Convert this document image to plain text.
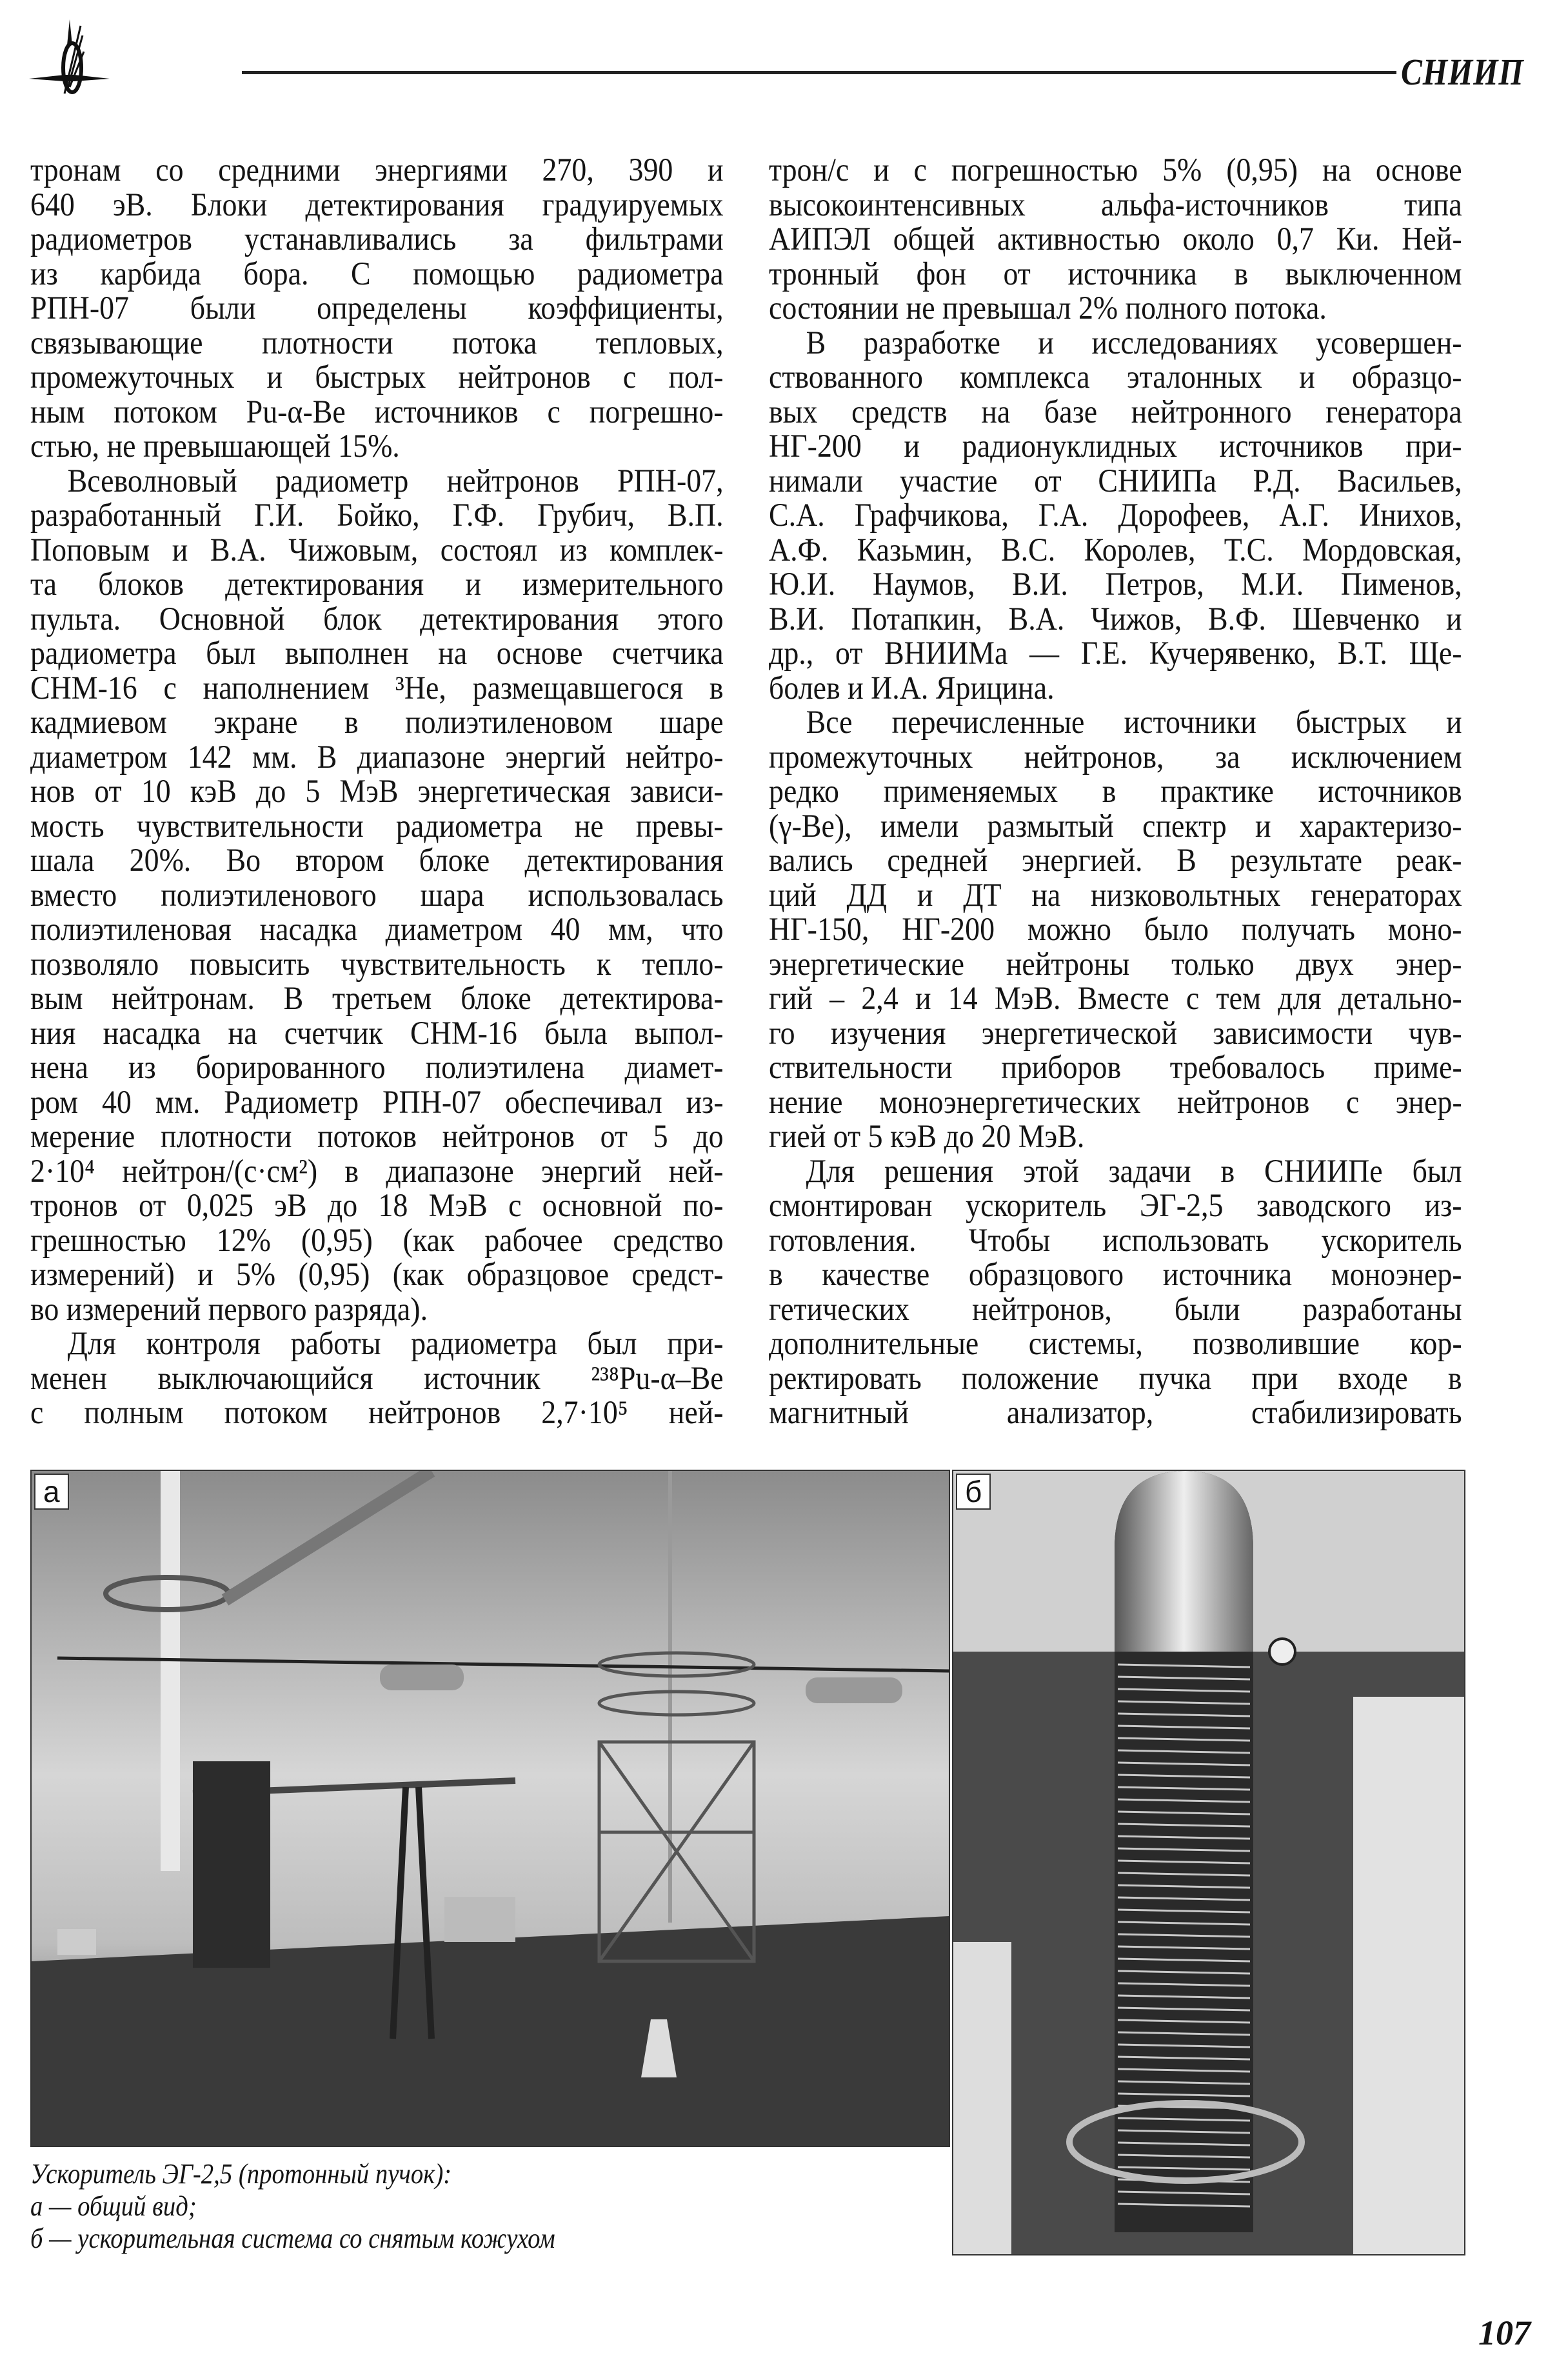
СНИИП
тронам со средними энергиями 270, 390 и
640 эВ. Блоки детектирования градуируемых
радиометров устанавливались за фильтрами
из карбида бора. С помощью радиометра
РПН-07 были определены коэффициенты,
связывающие плотности потока тепловых,
промежуточных и быстрых нейтронов с пол-
ным потоком Pu-α-Be источников с погрешно-
стью, не превышающей 15%.
Всеволновый радиометр нейтронов РПН-07,
разработанный Г.И. Бойко, Г.Ф. Грубич, В.П.
Поповым и В.А. Чижовым, состоял из комплек-
та блоков детектирования и измерительного
пульта. Основной блок детектирования этого
радиометра был выполнен на основе счетчика
СНМ-16 с наполнением ³He, размещавшегося в
кадмиевом экране в полиэтиленовом шаре
диаметром 142 мм. В диапазоне энергий нейтро-
нов от 10 кэВ до 5 МэВ энергетическая зависи-
мость чувствительности радиометра не превы-
шала 20%. Во втором блоке детектирования
вместо полиэтиленового шара использовалась
полиэтиленовая насадка диаметром 40 мм, что
позволяло повысить чувствительность к тепло-
вым нейтронам. В третьем блоке детектирова-
ния насадка на счетчик СНМ-16 была выпол-
нена из борированного полиэтилена диамет-
ром 40 мм. Радиометр РПН-07 обеспечивал из-
мерение плотности потоков нейтронов от 5 до
2·10⁴ нейтрон/(с·см²) в диапазоне энергий ней-
тронов от 0,025 эВ до 18 МэВ с основной по-
грешностью 12% (0,95) (как рабочее средство
измерений) и 5% (0,95) (как образцовое средст-
во измерений первого разряда).
Для контроля работы радиометра был при-
менен выключающийся источник ²³⁸Pu-α–Be
с полным потоком нейтронов 2,7·10⁵ ней-
трон/с и с погрешностью 5% (0,95) на основе
высокоинтенсивных альфа-источников типа
АИПЭЛ общей активностью около 0,7 Ки. Ней-
тронный фон от источника в выключенном
состоянии не превышал 2% полного потока.
В разработке и исследованиях усовершен-
ствованного комплекса эталонных и образцо-
вых средств на базе нейтронного генератора
НГ-200 и радионуклидных источников при-
нимали участие от СНИИПа Р.Д. Васильев,
С.А. Графчикова, Г.А. Дорофеев, А.Г. Инихов,
А.Ф. Казьмин, В.С. Королев, Т.С. Мордовская,
Ю.И. Наумов, В.И. Петров, М.И. Пименов,
В.И. Потапкин, В.А. Чижов, В.Ф. Шевченко и
др., от ВНИИМа — Г.Е. Кучерявенко, В.Т. Ще-
болев и И.А. Ярицина.
Все перечисленные источники быстрых и
промежуточных нейтронов, за исключением
редко применяемых в практике источников
(γ-Be), имели размытый спектр и характеризо-
вались средней энергией. В результате реак-
ций ДД и ДТ на низковольтных генераторах
НГ-150, НГ-200 можно было получать моно-
энергетические нейтроны только двух энер-
гий – 2,4 и 14 МэВ. Вместе с тем для детально-
го изучения энергетической зависимости чув-
ствительности приборов требовалось приме-
нение моноэнергетических нейтронов с энер-
гией от 5 кэВ до 20 МэВ.
Для решения этой задачи в СНИИПе был
смонтирован ускоритель ЭГ-2,5 заводского из-
готовления. Чтобы использовать ускоритель
в качестве образцового источника моноэнер-
гетических нейтронов, были разработаны
дополнительные системы, позволившие кор-
ректировать положение пучка при входе в
магнитный анализатор, стабилизировать
а	б
Ускоритель ЭГ-2,5 (протонный пучок):
а — общий вид;
б — ускорительная система со снятым кожухом
107
